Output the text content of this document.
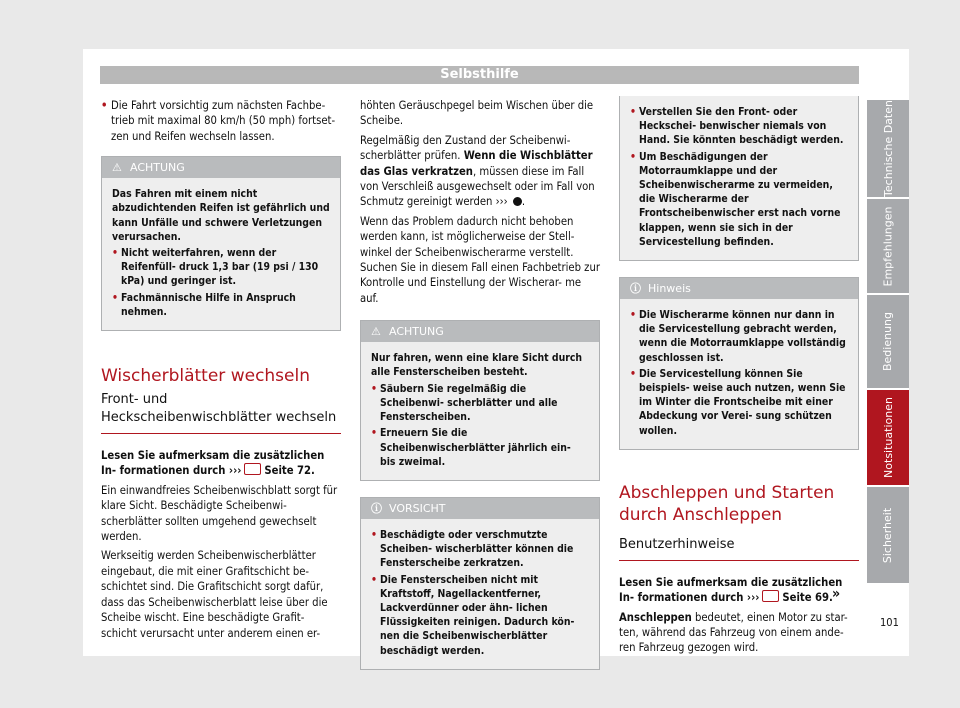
Selbsthilfe

• Die Fahrt vorsichtig zum nächsten Fachbe- trieb mit maximal 80 km/h (50 mph) fortset- zen und Reifen wechseln lassen.

⚠ ACHTUNG
Das Fahren mit einem nicht abzudichtenden Reifen ist gefährlich und kann Unfälle und schwere Verletzungen verursachen.
• Nicht weiterfahren, wenn der Reifenfüll- druck 1,3 bar (19 psi / 130 kPa) und geringer ist.
• Fachmännische Hilfe in Anspruch nehmen.
Wischerblätter wechseln
Front- und Heckscheibenwischblätter wechseln

Lesen Sie aufmerksam die zusätzlichen In- formationen durch ››› Seite 72.

Ein einwandfreies Scheibenwischblatt sorgt für klare Sicht. Beschädigte Scheibenwi- scherblätter sollten umgehend gewechselt werden.

Werkseitig werden Scheibenwischerblätter eingebaut, die mit einer Grafitschicht be- schichtet sind. Die Grafitschicht sorgt dafür, dass das Scheibenwischerblatt leise über die Scheibe wischt. Eine beschädigte Grafit- schicht verursacht unter anderem einen er-

höhten Geräuschpegel beim Wischen über die Scheibe.

Regelmäßig den Zustand der Scheibenwi- scherblätter prüfen. Wenn die Wischblätter das Glas verkratzen, müssen diese im Fall von Verschleiß ausgewechselt oder im Fall von Schmutz gereinigt werden ››› .

Wenn das Problem dadurch nicht behoben werden kann, ist möglicherweise der Stell- winkel der Scheibenwischerarme verstellt. Suchen Sie in diesem Fall einen Fachbetrieb zur Kontrolle und Einstellung der Wischerar- me auf.

⚠ ACHTUNG
Nur fahren, wenn eine klare Sicht durch alle Fensterscheiben besteht.
• Säubern Sie regelmäßig die Scheibenwi- scherblätter und alle Fensterscheiben.
• Erneuern Sie die Scheibenwischerblätter jährlich ein- bis zweimal.
ⓘ VORSICHT
• Beschädigte oder verschmutzte Scheiben- wischerblätter können die Fensterscheibe zerkratzen.
• Die Fensterscheiben nicht mit Kraftstoff, Nagellackentferner, Lackverdünner oder ähn- lichen Flüssigkeiten reinigen. Dadurch kön- nen die Scheibenwischerblätter beschädigt werden.
• Verstellen Sie den Front- oder Heckschei- benwischer niemals von Hand. Sie könnten beschädigt werden.
• Um Beschädigungen der Motorraumklappe und der Scheibenwischerarme zu vermeiden, die Wischerarme der Frontscheibenwischer erst nach vorne klappen, wenn sie sich in der Servicestellung befinden.
ⓘ Hinweis
• Die Wischerarme können nur dann in die Servicestellung gebracht werden, wenn die Motorraumklappe vollständig geschlossen ist.
• Die Servicestellung können Sie beispiels- weise auch nutzen, wenn Sie im Winter die Frontscheibe mit einer Abdeckung vor Verei- sung schützen wollen.
Abschleppen und Starten durch Anschleppen
Benutzerhinweise

Lesen Sie aufmerksam die zusätzlichen In- formationen durch ››› Seite 69.

Anschleppen bedeutet, einen Motor zu star- ten, während das Fahrzeug von einem ande- ren Fahrzeug gezogen wird.

»
Technische Daten
Empfehlungen
Bedienung
Notsituationen
Sicherheit
101
